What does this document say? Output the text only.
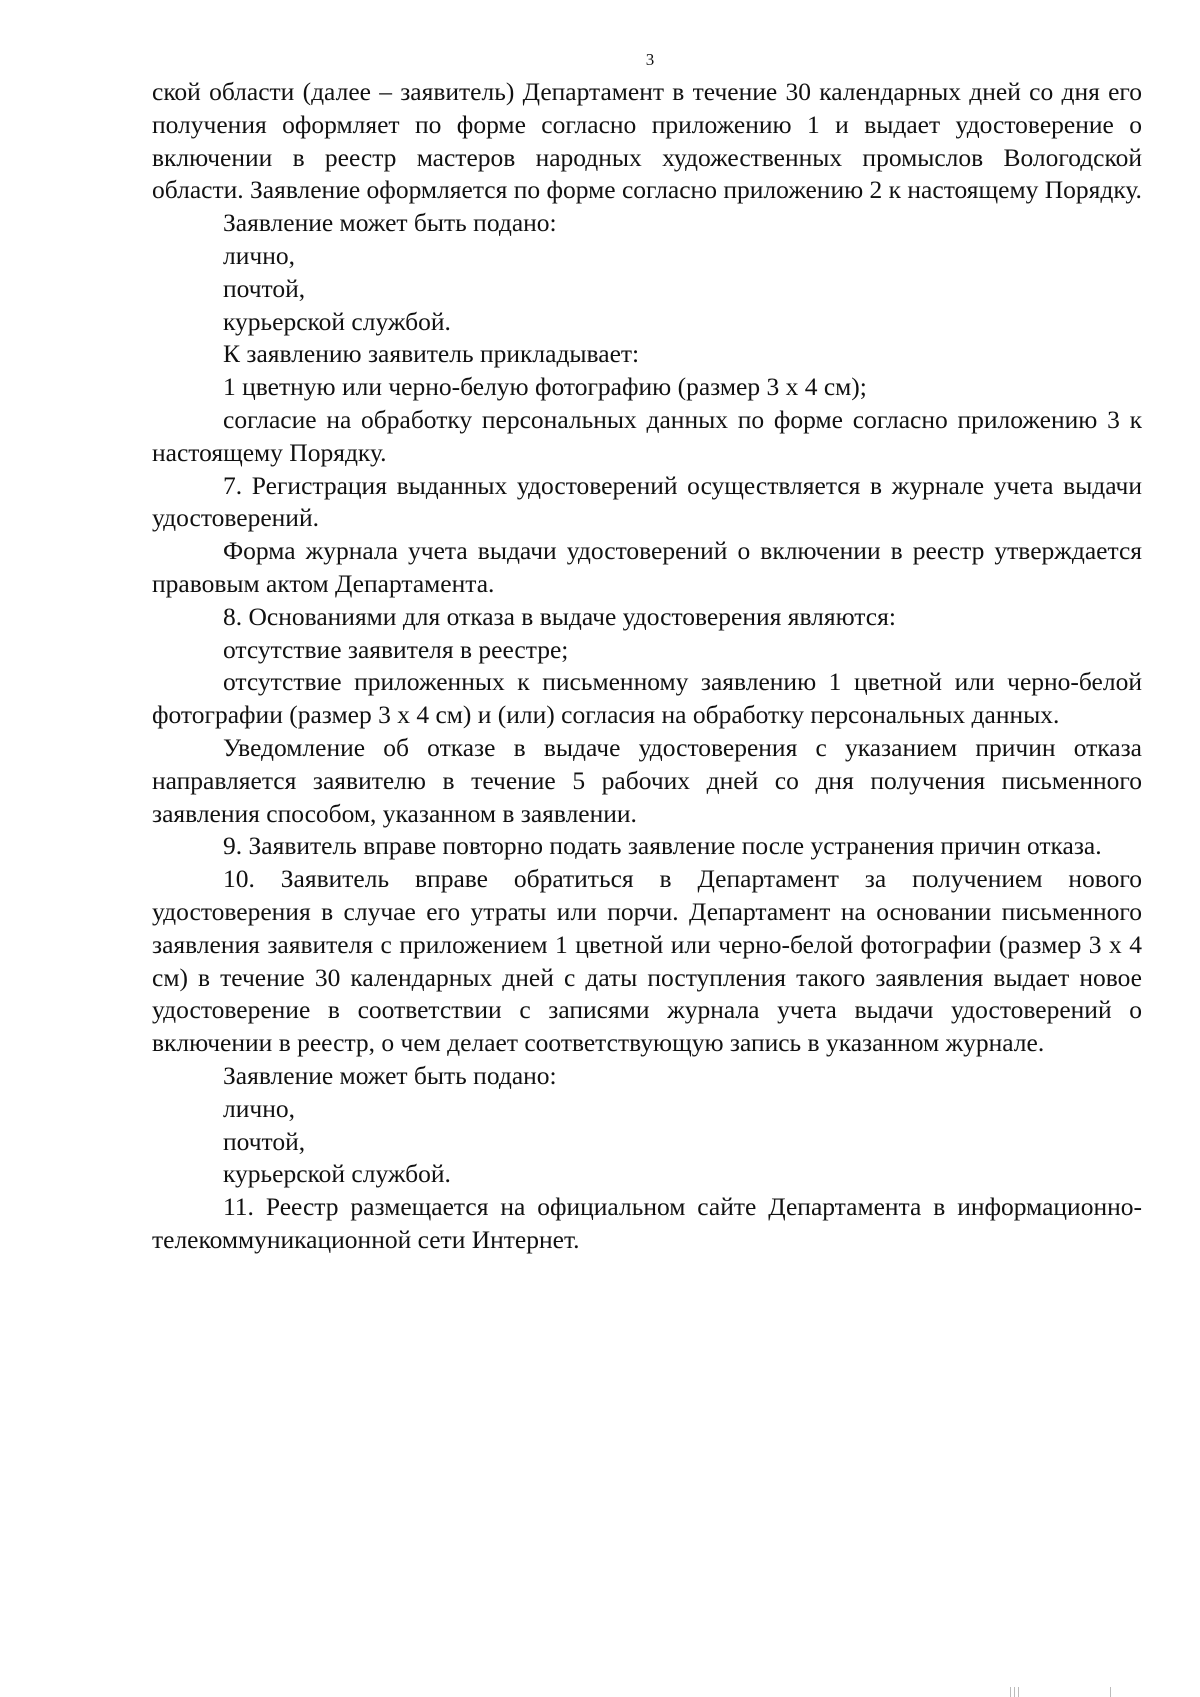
3

ской области (далее – заявитель) Департамент в течение 30 календарных дней со дня его получения оформляет по форме согласно приложению 1 и выдает удостоверение о включении в реестр мастеров народных художественных промыслов Вологодской области. Заявление оформляется по форме согласно приложению 2 к настоящему Порядку.

Заявление может быть подано:

лично,

почтой,

курьерской службой.

К заявлению заявитель прикладывает:

1 цветную или черно-белую фотографию (размер 3 х 4 см);

согласие на обработку персональных данных по форме согласно приложению 3 к настоящему Порядку.

7. Регистрация выданных удостоверений осуществляется в журнале учета выдачи удостоверений.

Форма журнала учета выдачи удостоверений о включении в реестр утверждается правовым актом Департамента.

8. Основаниями для отказа в выдаче удостоверения являются:

отсутствие заявителя в реестре;

отсутствие приложенных к письменному заявлению 1 цветной или черно-белой фотографии (размер 3 х 4 см) и (или) согласия на обработку персональных данных.

Уведомление об отказе в выдаче удостоверения с указанием причин отказа направляется заявителю в течение 5 рабочих дней со дня получения письменного заявления способом, указанном в заявлении.

9. Заявитель вправе повторно подать заявление после устранения причин отказа.

10. Заявитель вправе обратиться в Департамент за получением нового удостоверения в случае его утраты или порчи. Департамент на основании письменного заявления заявителя с приложением 1 цветной или черно-белой фотографии (размер 3 х 4 см) в течение 30 календарных дней с даты поступления такого заявления выдает новое удостоверение в соответствии с записями журнала учета выдачи удостоверений о включении в реестр, о чем делает соответствующую запись в указанном журнале.

Заявление может быть подано:

лично,

почтой,

курьерской службой.

11. Реестр размещается на официальном сайте Департамента в информационно-телекоммуникационной сети Интернет.
